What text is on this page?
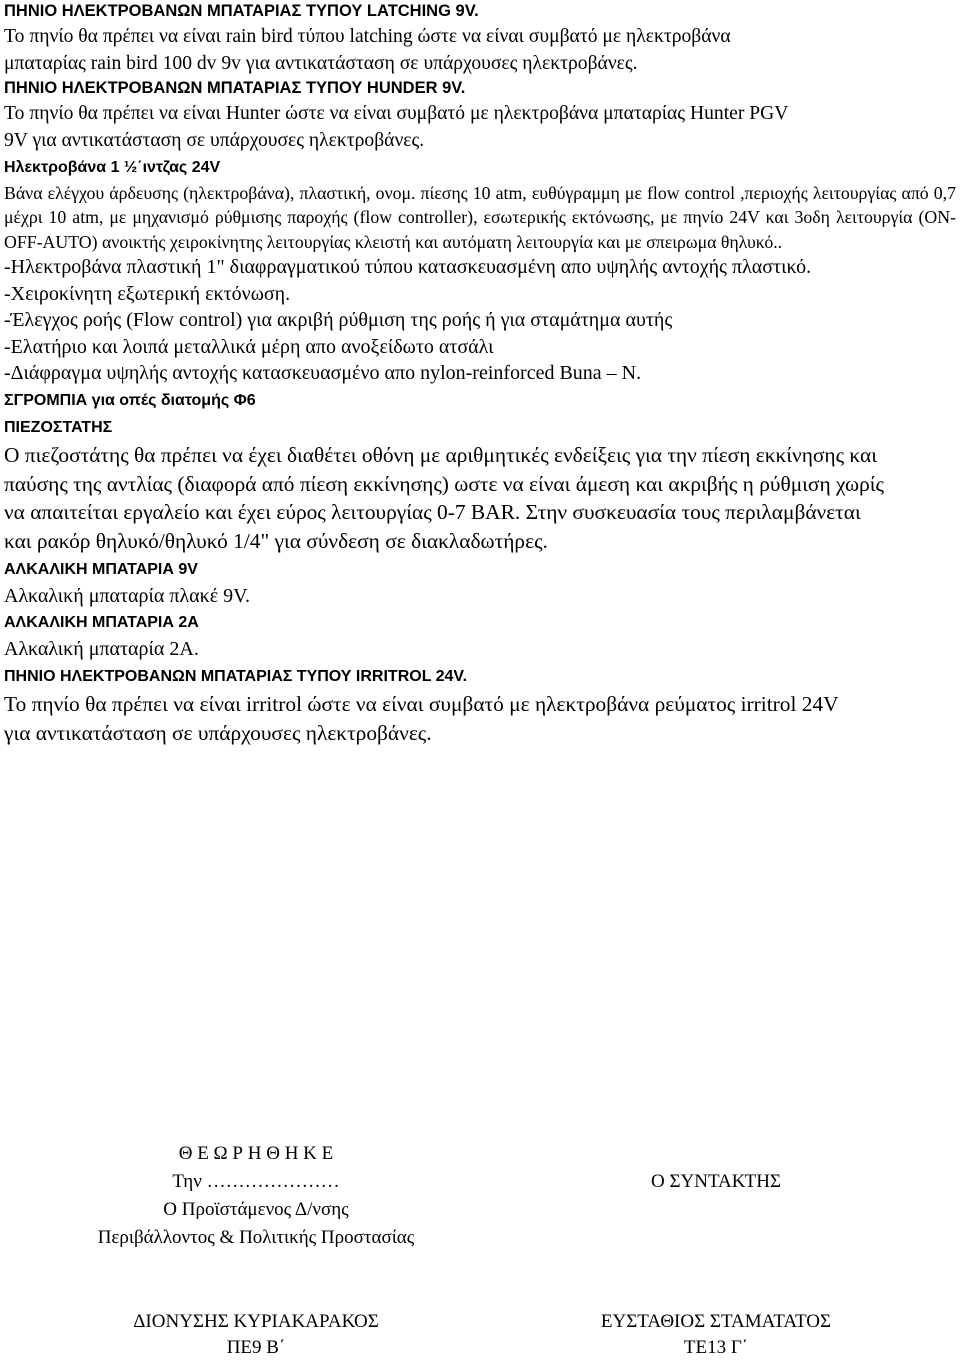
ΠΗΝΙΟ ΗΛΕΚΤΡΟΒΑΝΩΝ ΜΠΑΤΑΡΙΑΣ ΤΥΠΟΥ LATCHING 9V.

Το πηνίο θα πρέπει να είναι rain bird τύπου latching ώστε να είναι συμβατό με ηλεκτροβάνα

μπαταρίας rain bird 100 dv 9v για αντικατάσταση σε υπάρχουσες ηλεκτροβάνες.

ΠΗΝΙΟ ΗΛΕΚΤΡΟΒΑΝΩΝ ΜΠΑΤΑΡΙΑΣ ΤΥΠΟΥ HUNDER 9V.

Το πηνίο θα πρέπει να είναι Hunter ώστε να είναι συμβατό με ηλεκτροβάνα μπαταρίας Hunter PGV

9V για αντικατάσταση σε υπάρχουσες ηλεκτροβάνες.

Ηλεκτροβάνα 1 ½΄ιντζας 24V

Βάνα ελέγχου άρδευσης (ηλεκτροβάνα), πλαστική, ονομ. πίεσης 10 atm, ευθύγραμμη με flow control ,περιοχής λειτουργίας από 0,7 μέχρι 10 atm, με μηχανισμό ρύθμισης παροχής (flow controller), εσωτερικής εκτόνωσης, με πηνίο 24V και 3οδη λειτουργία (ON-OFF-AUTO) ανοικτής χειροκίνητης λειτουργίας κλειστή και αυτόματη λειτουργία και με σπειρωμα θηλυκό..

-Ηλεκτροβάνα πλαστική 1" διαφραγματικού τύπου κατασκευασμένη απο υψηλής αντοχής πλαστικό.

-Χειροκίνητη εξωτερική εκτόνωση.

-Έλεγχος ροής (Flow control) για ακριβή ρύθμιση της ροής ή για σταμάτημα αυτής

-Ελατήριο και λοιπά μεταλλικά μέρη απο ανοξείδωτο ατσάλι

-Διάφραγμα υψηλής αντοχής κατασκευασμένο απο nylon-reinforced Buna – N.

ΣΓΡΟΜΠΙΑ για οπές διατομής Φ6
ΠΙΕΖΟΣΤΑΤΗΣ

Ο πιεζοστάτης θα πρέπει να έχει διαθέτει οθόνη με αριθμητικές ενδείξεις για την πίεση εκκίνησης και

παύσης της αντλίας (διαφορά από πίεση εκκίνησης) ωστε να είναι άμεση και ακριβής η ρύθμιση χωρίς

να απαιτείται εργαλείο και έχει εύρος λειτουργίας 0-7 BAR. Στην συσκευασία τους περιλαμβάνεται

και ρακόρ θηλυκό/θηλυκό 1/4" για σύνδεση σε διακλαδωτήρες.

ΑΛΚΑΛΙΚΗ ΜΠΑΤΑΡΙΑ 9V

Αλκαλική μπαταρία πλακέ 9V.

ΑΛΚΑΛΙΚΗ ΜΠΑΤΑΡΙΑ 2A

Αλκαλική μπαταρία 2A.

ΠΗΝΙΟ ΗΛΕΚΤΡΟΒΑΝΩΝ ΜΠΑΤΑΡΙΑΣ ΤΥΠΟΥ IRRITROL 24V.

Το πηνίο θα πρέπει να είναι irritrol ώστε να είναι συμβατό με ηλεκτροβάνα ρεύματος irritrol 24V

για αντικατάσταση σε υπάρχουσες ηλεκτροβάνες.

Θ Ε Ω Ρ Η Θ Η Κ Ε
Την …………………
Ο Προϊστάμενος Δ/νσης
Περιβάλλοντος & Πολιτικής Προστασίας
ΔΙΟΝΥΣΗΣ ΚΥΡΙΑΚΑΡΑΚΟΣ
ΠΕ9 Β΄
Ο ΣΥΝΤΑΚΤΗΣ
ΕΥΣΤΑΘΙΟΣ ΣΤΑΜΑΤΑΤΟΣ
ΤΕ13 Γ΄
